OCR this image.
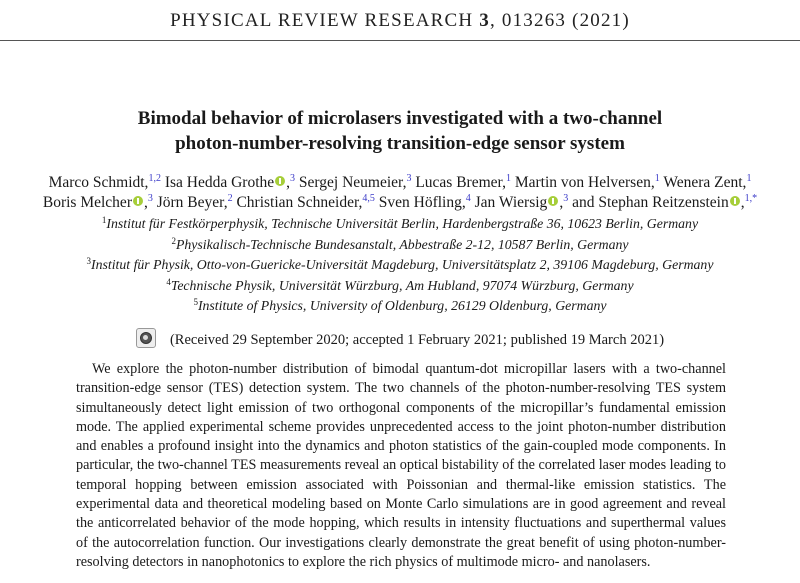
PHYSICAL REVIEW RESEARCH 3, 013263 (2021)
Bimodal behavior of microlasers investigated with a two-channel
photon-number-resolving transition-edge sensor system
Marco Schmidt,$^{1,2}$ Isa Hedda Grothe ,$^3$ Sergej Neumeier,$^3$ Lucas Bremer,$^1$ Martin von Helversen,$^1$ Wenera Zent,$^1$
Boris Melcher ,$^3$ Jörn Beyer,$^2$ Christian Schneider,$^{4,5}$ Sven Höfling,$^4$ Jan Wiersig ,$^3$ and Stephan Reitzenstein ,$^{1,*}$
$^1$Institut für Festkörperphysik, Technische Universität Berlin, Hardenbergstraße 36, 10623 Berlin, Germany
$^2$Physikalisch-Technische Bundesanstalt, Abbestraße 2-12, 10587 Berlin, Germany
$^3$Institut für Physik, Otto-von-Guericke-Universität Magdeburg, Universitätsplatz 2, 39106 Magdeburg, Germany
$^4$Technische Physik, Universität Würzburg, Am Hubland, 97074 Würzburg, Germany
$^5$Institute of Physics, University of Oldenburg, 26129 Oldenburg, Germany
(Received 29 September 2020; accepted 1 February 2021; published 19 March 2021)

We explore the photon-number distribution of bimodal quantum-dot micropillar lasers with a two-channel transition-edge sensor (TES) detection system. The two channels of the photon-number-resolving TES system simultaneously detect light emission of two orthogonal components of the micropillar’s fundamental emission mode. The applied experimental scheme provides unprecedented access to the joint photon-number distribution and enables a profound insight into the dynamics and photon statistics of the gain-coupled mode components. In particular, the two-channel TES measurements reveal an optical bistability of the correlated laser modes leading to temporal hopping between emission associated with Poissonian and thermal-like emission statistics. The experimental data and theoretical modeling based on Monte Carlo simulations are in good agreement and reveal the anticorrelated behavior of the mode hopping, which results in intensity fluctuations and superthermal values of the autocorrelation function. Our investigations clearly demonstrate the great benefit of using photon-number-resolving detectors in nanophotonics to explore the rich physics of multimode micro- and nanolasers.
